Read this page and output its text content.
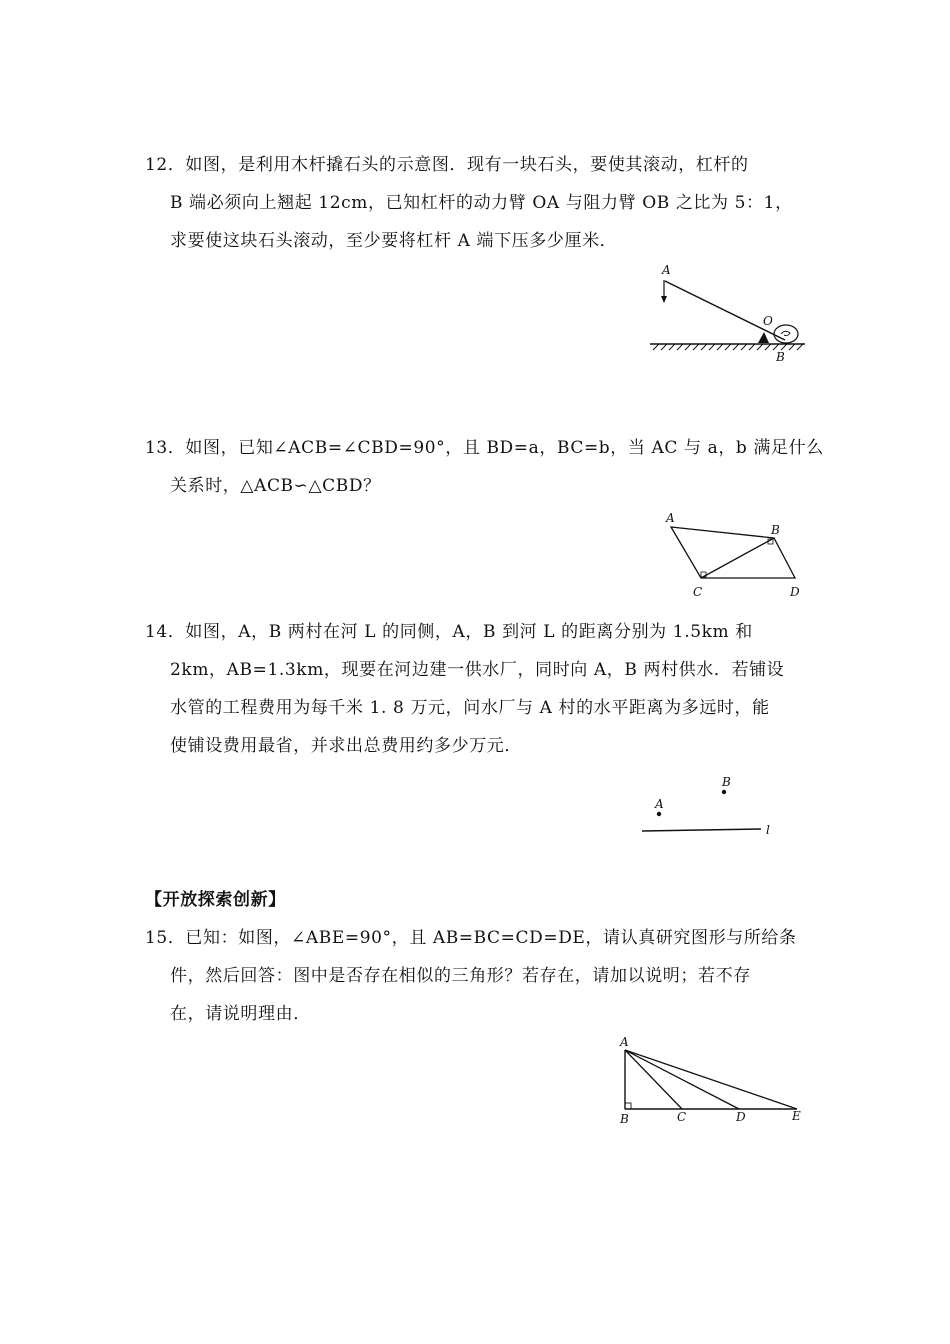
12．如图，是利用木杆撬石头的示意图．现有一块石头，要使其滚动，杠杆的
B 端必须向上翘起 12cm，已知杠杆的动力臂 OA 与阻力臂 OB 之比为 5：1，
求要使这块石头滚动，至少要将杠杆 A 端下压多少厘米．
A
O
B
13．如图，已知∠ACB=∠CBD=90°，且 BD=a，BC=b，当 AC 与 a，b 满足什么
关系时，△ACB∽△CBD？
A
B
C	D
14．如图，A，B 两村在河 L 的同侧，A，B 到河 L 的距离分别为 1.5km 和
2km，AB=1.3km，现要在河边建一供水厂，同时向 A，B 两村供水．若铺设
水管的工程费用为每千米 1. 8 万元，问水厂与 A 村的水平距离为多远时，能
使铺设费用最省，并求出总费用约多少万元．
B
A
l
【开放探索创新】
15．已知：如图，∠ABE=90°，且 AB=BC=CD=DE，请认真研究图形与所给条
件，然后回答：图中是否存在相似的三角形？若存在，请加以说明；若不存
在，请说明理由．
A
B	C	D	E
